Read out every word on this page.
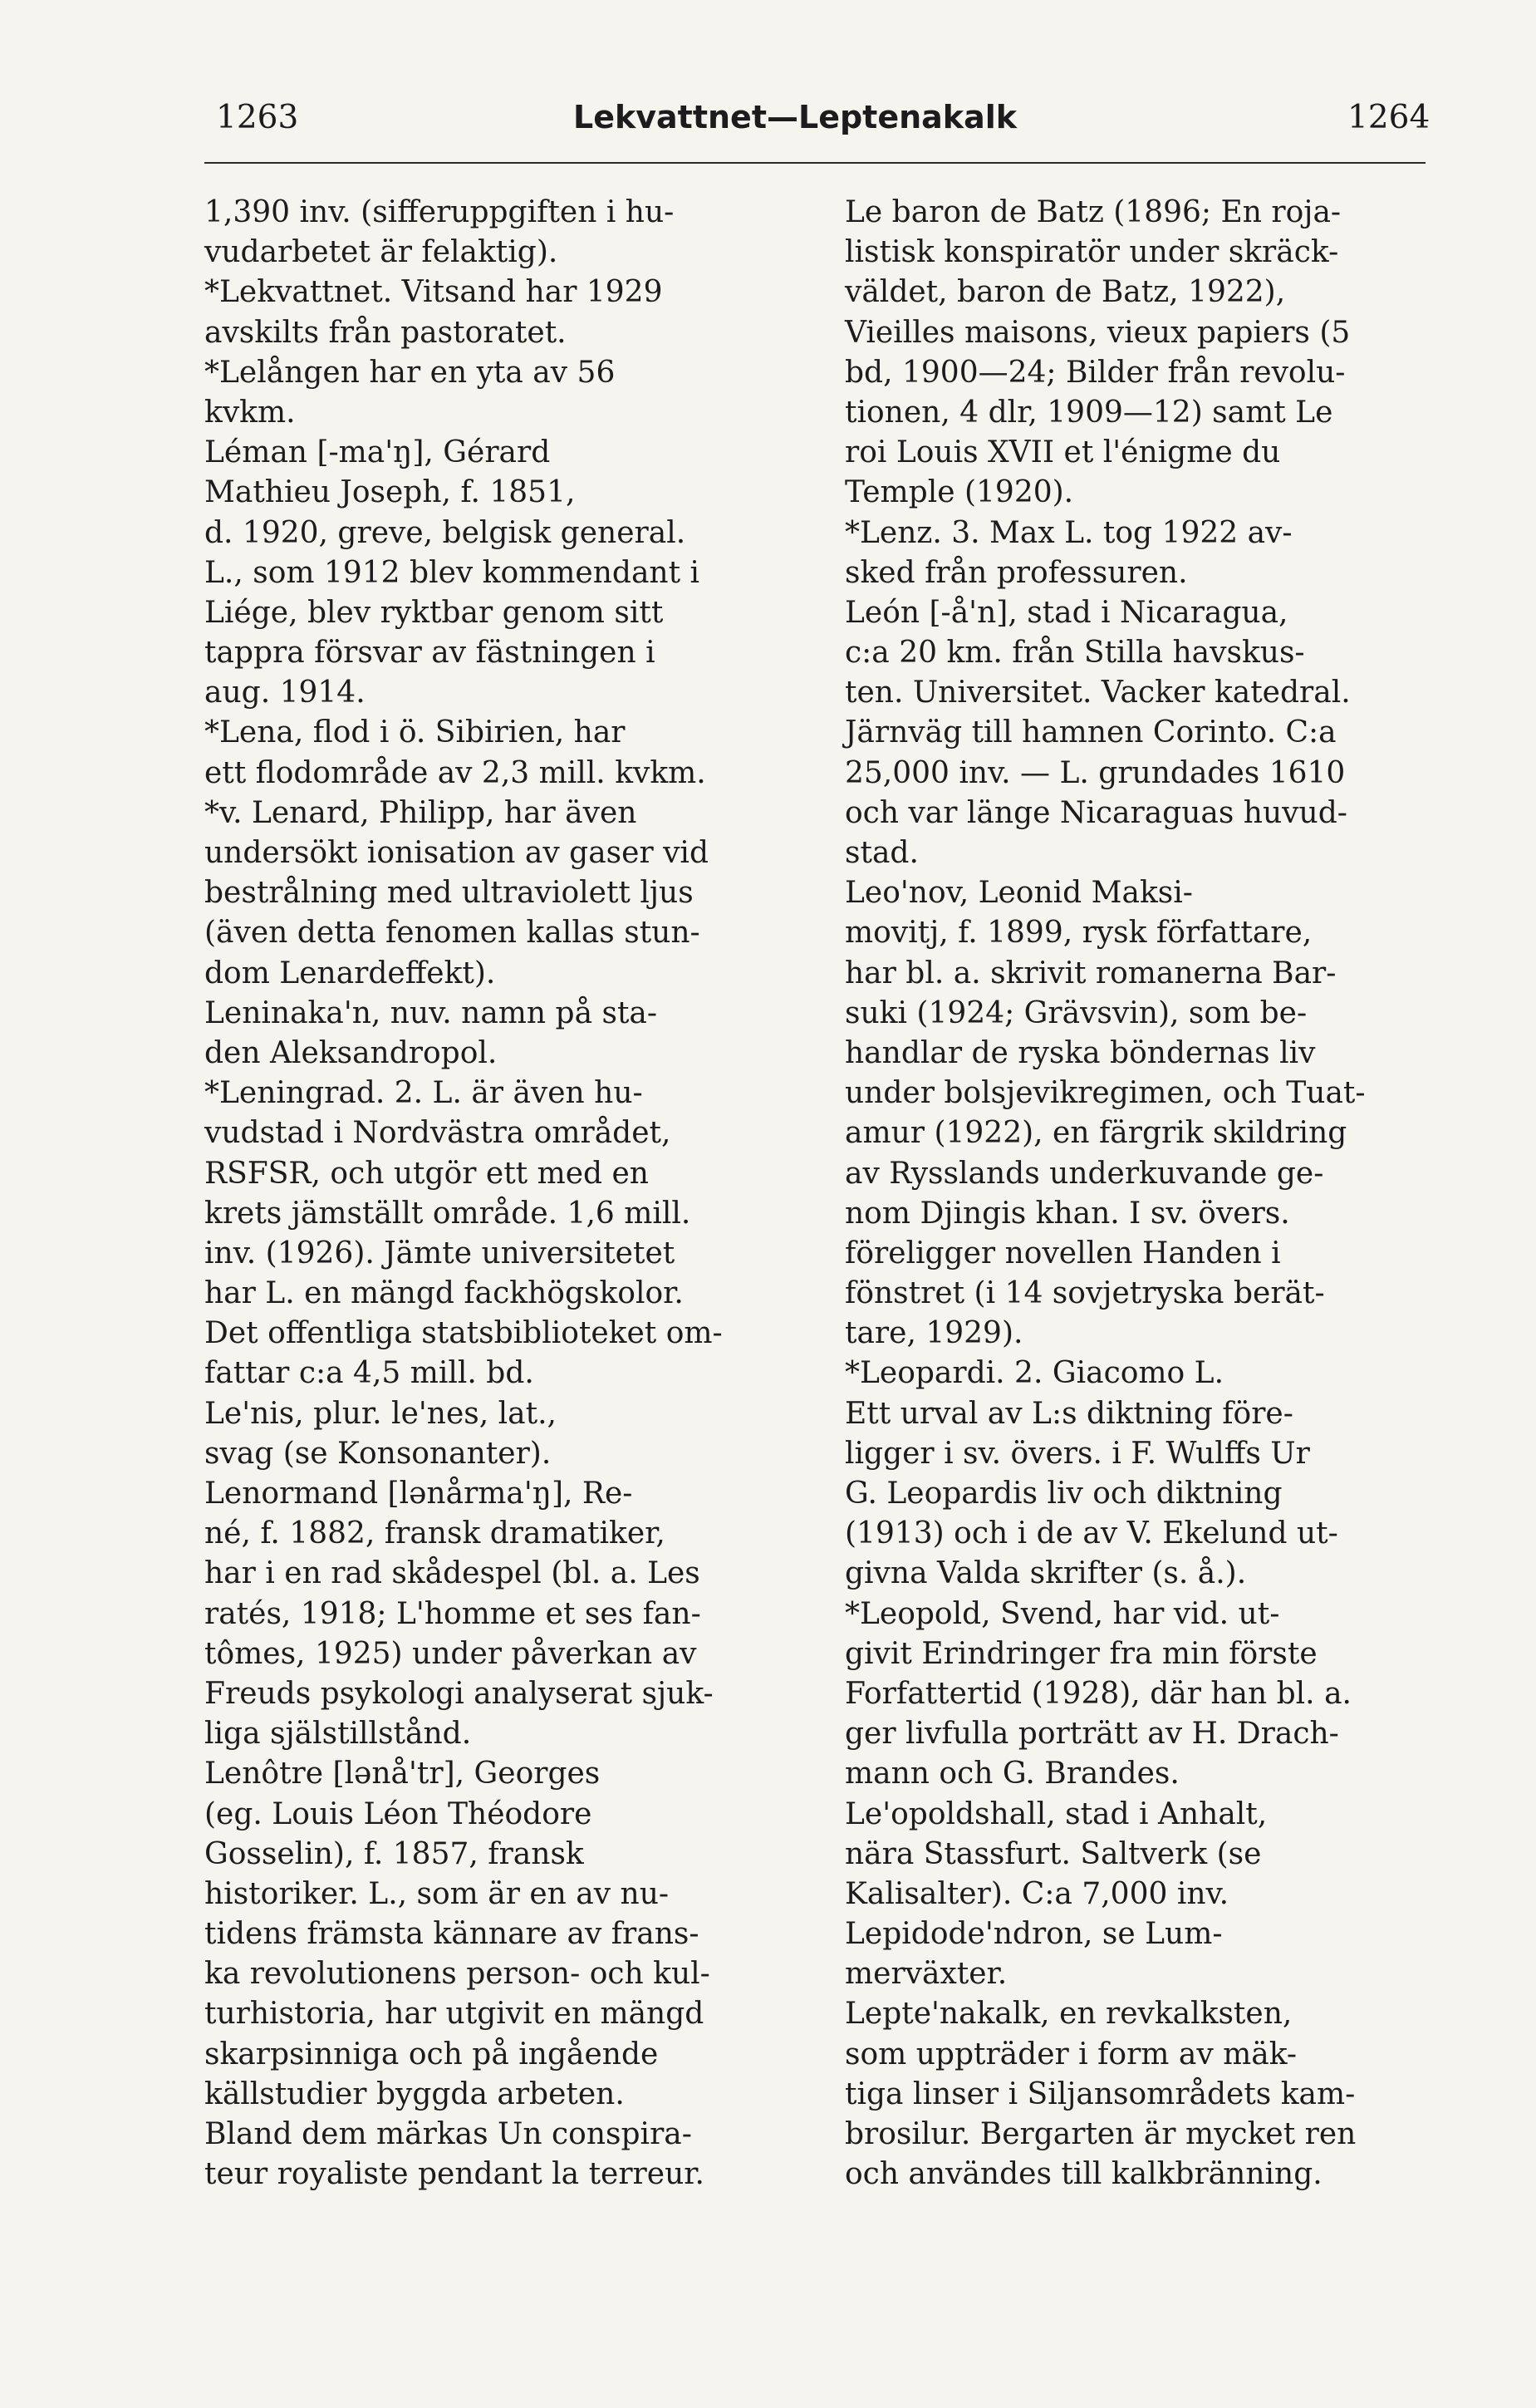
1263	Lekvattnet—Leptenakalk	1264
1,390 inv. (sifferuppgiften i hu-
vudarbetet är felaktig).
*Lekvattnet. Vitsand har 1929
avskilts från pastoratet.
*Lelången har en yta av 56
kvkm.
Léman [-ma'ŋ], Gérard
Mathieu Joseph, f. 1851,
d. 1920, greve, belgisk general.
L., som 1912 blev kommendant i
Liége, blev ryktbar genom sitt
tappra försvar av fästningen i
aug. 1914.
*Lena, flod i ö. Sibirien, har
ett flodområde av 2,3 mill. kvkm.
*v. Lenard, Philipp, har även
undersökt ionisation av gaser vid
bestrålning med ultraviolett ljus
(även detta fenomen kallas stun-
dom Lenardeffekt).
Leninaka'n, nuv. namn på sta-
den Aleksandropol.
*Leningrad. 2. L. är även hu-
vudstad i Nordvästra området,
RSFSR, och utgör ett med en
krets jämställt område. 1,6 mill.
inv. (1926). Jämte universitetet
har L. en mängd fackhögskolor.
Det offentliga statsbiblioteket om-
fattar c:a 4,5 mill. bd.
Le'nis, plur. le'nes, lat.,
svag (se Konsonanter).
Lenormand [lənårma'ŋ], Re-
né, f. 1882, fransk dramatiker,
har i en rad skådespel (bl. a. Les
ratés, 1918; L'homme et ses fan-
tômes, 1925) under påverkan av
Freuds psykologi analyserat sjuk-
liga själstillstånd.
Lenôtre [lənå'tr], Georges
(eg. Louis Léon Théodore
Gosselin), f. 1857, fransk
historiker. L., som är en av nu-
tidens främsta kännare av frans-
ka revolutionens person- och kul-
turhistoria, har utgivit en mängd
skarpsinniga och på ingående
källstudier byggda arbeten.
Bland dem märkas Un conspira-
teur royaliste pendant la terreur.
Le baron de Batz (1896; En roja-
listisk konspiratör under skräck-
väldet, baron de Batz, 1922),
Vieilles maisons, vieux papiers (5
bd, 1900—24; Bilder från revolu-
tionen, 4 dlr, 1909—12) samt Le
roi Louis XVII et l'énigme du
Temple (1920).
*Lenz. 3. Max L. tog 1922 av-
sked från professuren.
León [-å'n], stad i Nicaragua,
c:a 20 km. från Stilla havskus-
ten. Universitet. Vacker katedral.
Järnväg till hamnen Corinto. C:a
25,000 inv. — L. grundades 1610
och var länge Nicaraguas huvud-
stad.
Leo'nov, Leonid Maksi-
movitj, f. 1899, rysk författare,
har bl. a. skrivit romanerna Bar-
suki (1924; Grävsvin), som be-
handlar de ryska böndernas liv
under bolsjevikregimen, och Tuat-
amur (1922), en färgrik skildring
av Rysslands underkuvande ge-
nom Djingis khan. I sv. övers.
föreligger novellen Handen i
fönstret (i 14 sovjetryska berät-
tare, 1929).
*Leopardi. 2. Giacomo L.
Ett urval av L:s diktning före-
ligger i sv. övers. i F. Wulffs Ur
G. Leopardis liv och diktning
(1913) och i de av V. Ekelund ut-
givna Valda skrifter (s. å.).
*Leopold, Svend, har vid. ut-
givit Erindringer fra min förste
Forfattertid (1928), där han bl. a.
ger livfulla porträtt av H. Drach-
mann och G. Brandes.
Le'opoldshall, stad i Anhalt,
nära Stassfurt. Saltverk (se
Kalisalter). C:a 7,000 inv.
Lepidode'ndron, se Lum-
merväxter.
Lepte'nakalk, en revkalksten,
som uppträder i form av mäk-
tiga linser i Siljansområdets kam-
brosilur. Bergarten är mycket ren
och användes till kalkbränning.
